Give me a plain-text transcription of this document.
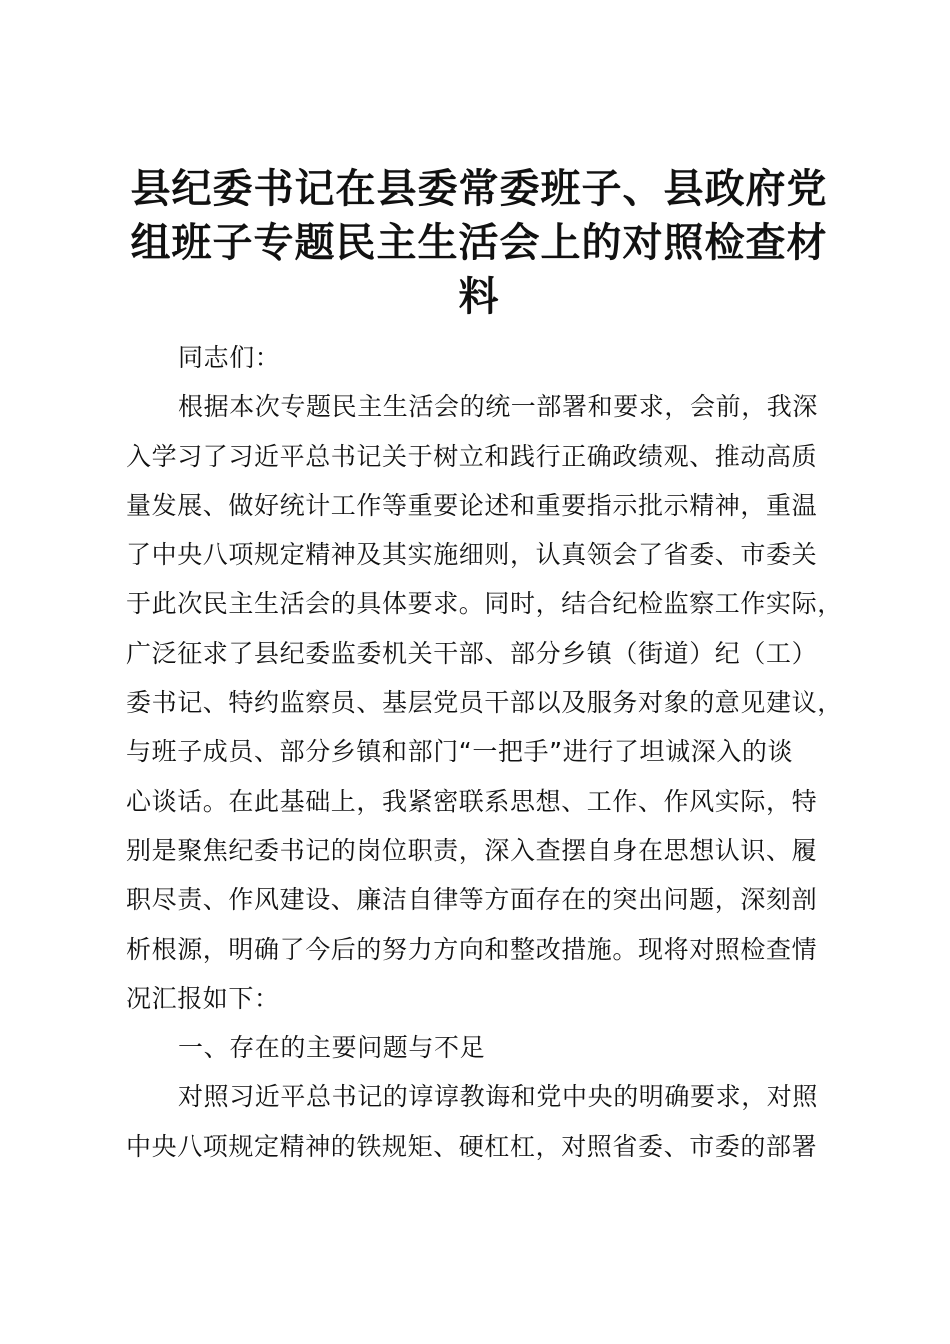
县纪委书记在县委常委班子、县政府党
组班子专题民主生活会上的对照检查材
料
同志们：
根据本次专题民主生活会的统一部署和要求，会前，我深
入学习了习近平总书记关于树立和践行正确政绩观、推动高质
量发展、做好统计工作等重要论述和重要指示批示精神，重温
了中央八项规定精神及其实施细则，认真领会了省委、市委关
于此次民主生活会的具体要求。同时，结合纪检监察工作实际，
广泛征求了县纪委监委机关干部、部分乡镇（街道）纪（工）
委书记、特约监察员、基层党员干部以及服务对象的意见建议，
与班子成员、部分乡镇和部门“一把手”进行了坦诚深入的谈
心谈话。在此基础上，我紧密联系思想、工作、作风实际，特
别是聚焦纪委书记的岗位职责，深入查摆自身在思想认识、履
职尽责、作风建设、廉洁自律等方面存在的突出问题，深刻剖
析根源，明确了今后的努力方向和整改措施。现将对照检查情
况汇报如下：
一、存在的主要问题与不足
对照习近平总书记的谆谆教诲和党中央的明确要求，对照
中央八项规定精神的铁规矩、硬杠杠，对照省委、市委的部署
